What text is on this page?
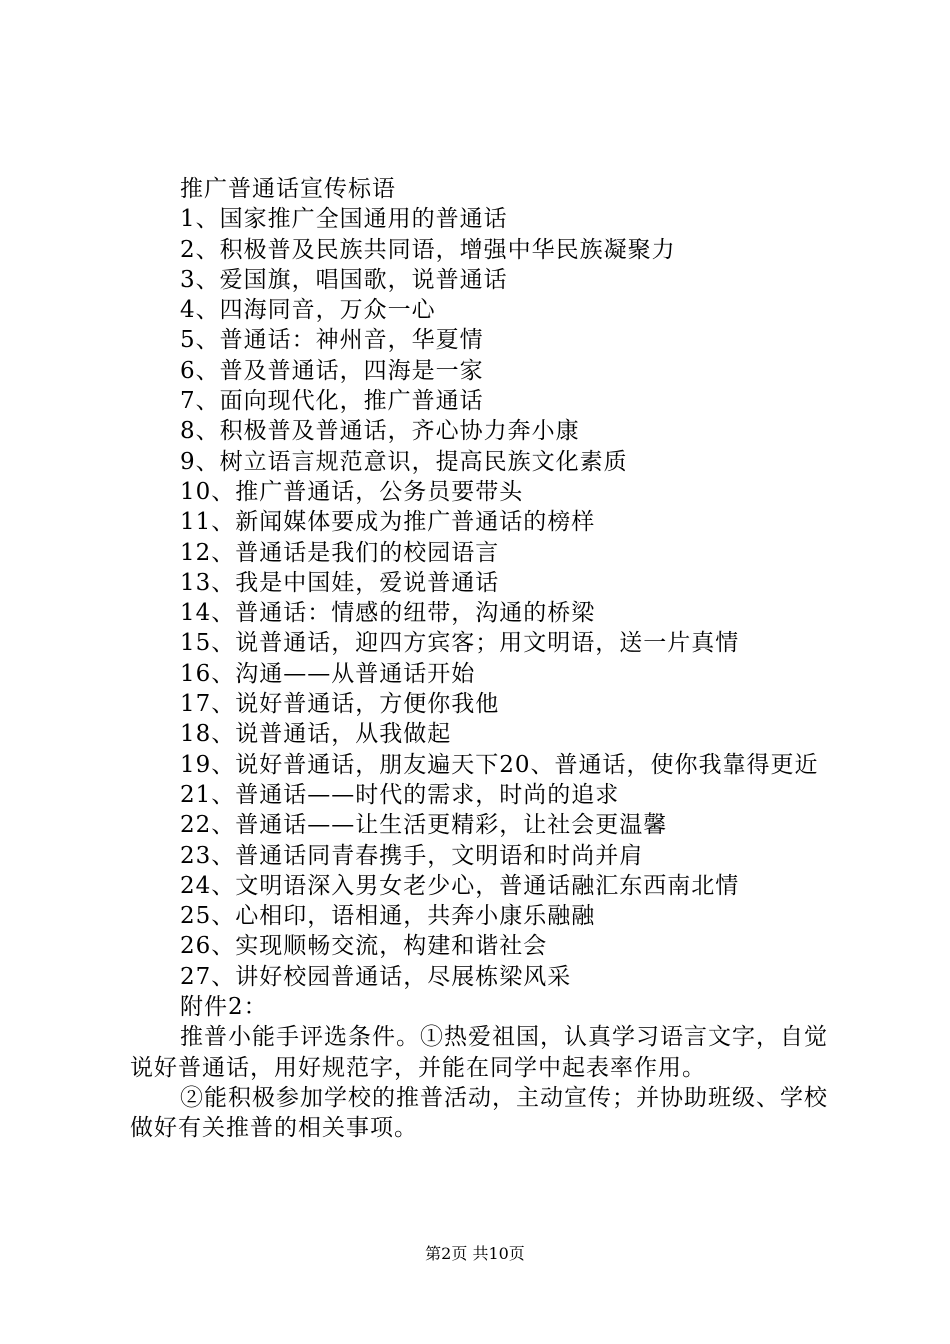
推广普通话宣传标语
1、国家推广全国通用的普通话
2、积极普及民族共同语，增强中华民族凝聚力
3、爱国旗，唱国歌，说普通话
4、四海同音，万众一心
5、普通话：神州音，华夏情
6、普及普通话，四海是一家
7、面向现代化，推广普通话
8、积极普及普通话，齐心协力奔小康
9、树立语言规范意识，提高民族文化素质
10、推广普通话，公务员要带头
11、新闻媒体要成为推广普通话的榜样
12、普通话是我们的校园语言
13、我是中国娃，爱说普通话
14、普通话：情感的纽带，沟通的桥梁
15、说普通话，迎四方宾客；用文明语，送一片真情
16、沟通——从普通话开始
17、说好普通话，方便你我他
18、说普通话，从我做起
19、说好普通话，朋友遍天下20、普通话，使你我靠得更近
21、普通话——时代的需求，时尚的追求
22、普通话——让生活更精彩，让社会更温馨
23、普通话同青春携手，文明语和时尚并肩
24、文明语深入男女老少心，普通话融汇东西南北情
25、心相印，语相通，共奔小康乐融融
26、实现顺畅交流，构建和谐社会
27、讲好校园普通话，尽展栋梁风采
附件2：
推普小能手评选条件。①热爱祖国，认真学习语言文字，自觉说好普通话，用好规范字，并能在同学中起表率作用。
②能积极参加学校的推普活动，主动宣传；并协助班级、学校做好有关推普的相关事项。
第2页 共10页
